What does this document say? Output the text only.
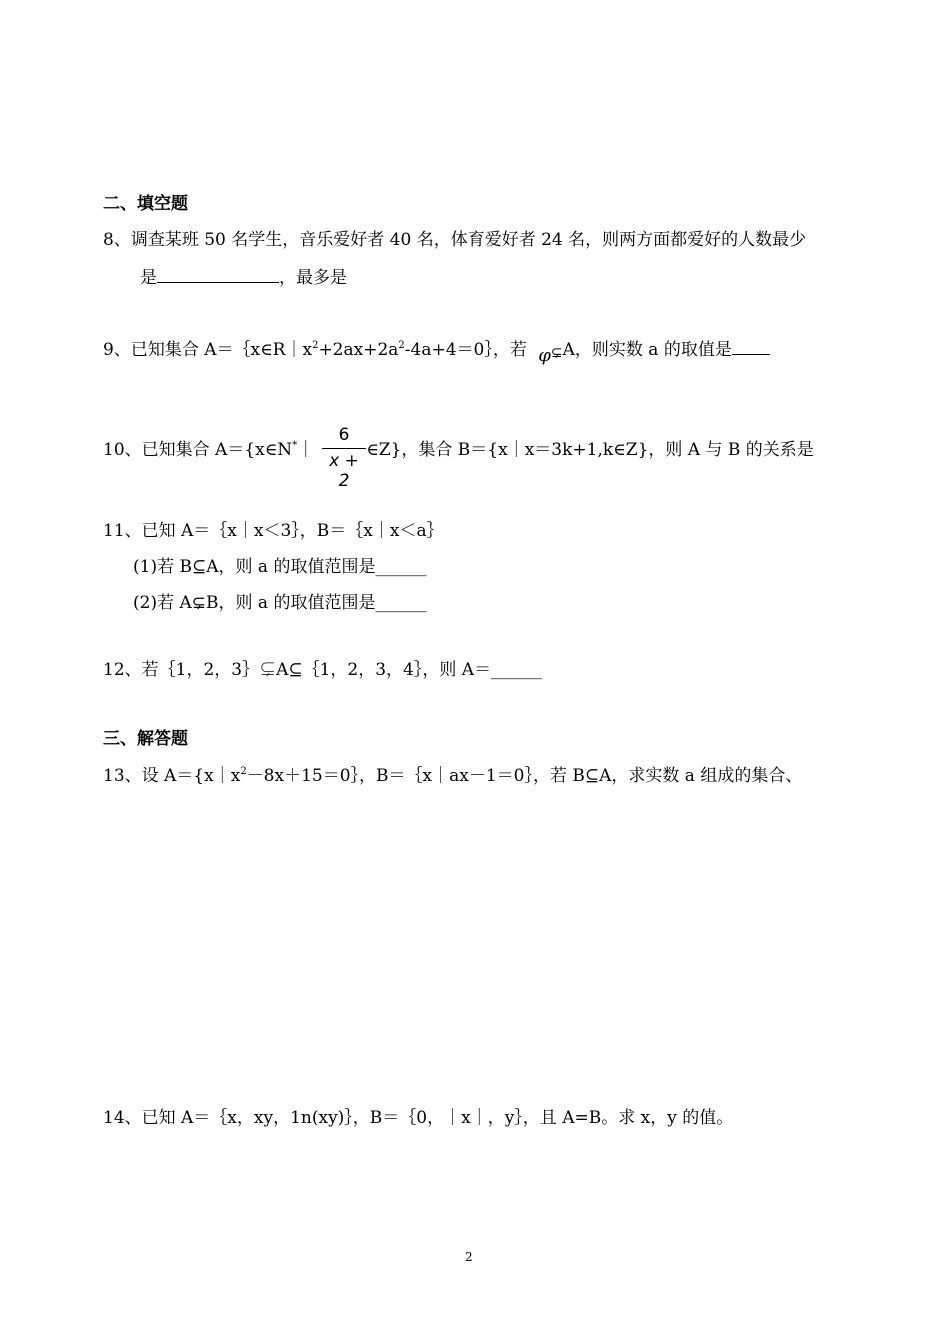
二、填空题
8、调查某班 50 名学生，音乐爱好者 40 名，体育爱好者 24 名，则两方面都爱好的人数最少
是	，最多是
9、已知集合 $A=\{x\in R|x^2+2ax+2a^2-4a+4=0\}$，若 φ⊊A，则实数 a 的取值是
10、已知集合 A＝{x∈N*｜	∈Z}，集合 B＝{x｜x＝3k+1,k∈Z}，则 A 与 B 的关系是
6
x + 2
11、已知 A＝｛x｜x＜3｝，B＝｛x｜x＜a｝
(1)若 B⊆A，则 a 的取值范围是______
(2)若 A⊊B，则 a 的取值范围是______
12、若｛1，2，3｝⊊A⊆｛1，2，3，4｝，则 A＝______
三、解答题
13、设 $A=\{x|x^2-8x+15=0\}$，B＝｛x｜ax－1＝0｝，若 B⊆A，求实数 a 组成的集合、
14、已知 A＝｛x，xy，1n(xy)｝，B＝｛0，｜x｜，y｝，且 A=B。求 x，y 的值。
2
